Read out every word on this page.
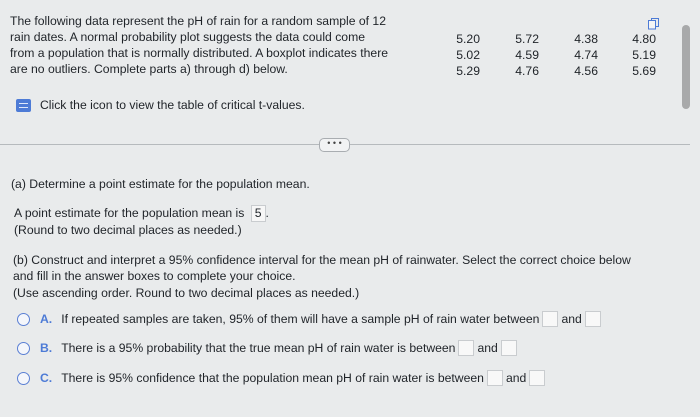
The following data represent the pH of rain for a random sample of 12
rain dates. A normal probability plot suggests the data could come
from a population that is normally distributed. A boxplot indicates there
are no outliers. Complete parts a) through d) below.
5.20
5.02
5.29
5.72
4.59
4.76
4.38
4.74
4.56
4.80
5.19
5.69
Click the icon to view the table of critical t-values.
• • •
(a) Determine a point estimate for the population mean.
A point estimate for the population mean is 5 .
(Round to two decimal places as needed.)
(b) Construct and interpret a 95% confidence interval for the mean pH of rainwater. Select the correct choice below
and fill in the answer boxes to complete your choice.
(Use ascending order. Round to two decimal places as needed.)
A. If repeated samples are taken, 95% of them will have a sample pH of rain water between and
B. There is a 95% probability that the true mean pH of rain water is between and
C. There is 95% confidence that the population mean pH of rain water is between and
